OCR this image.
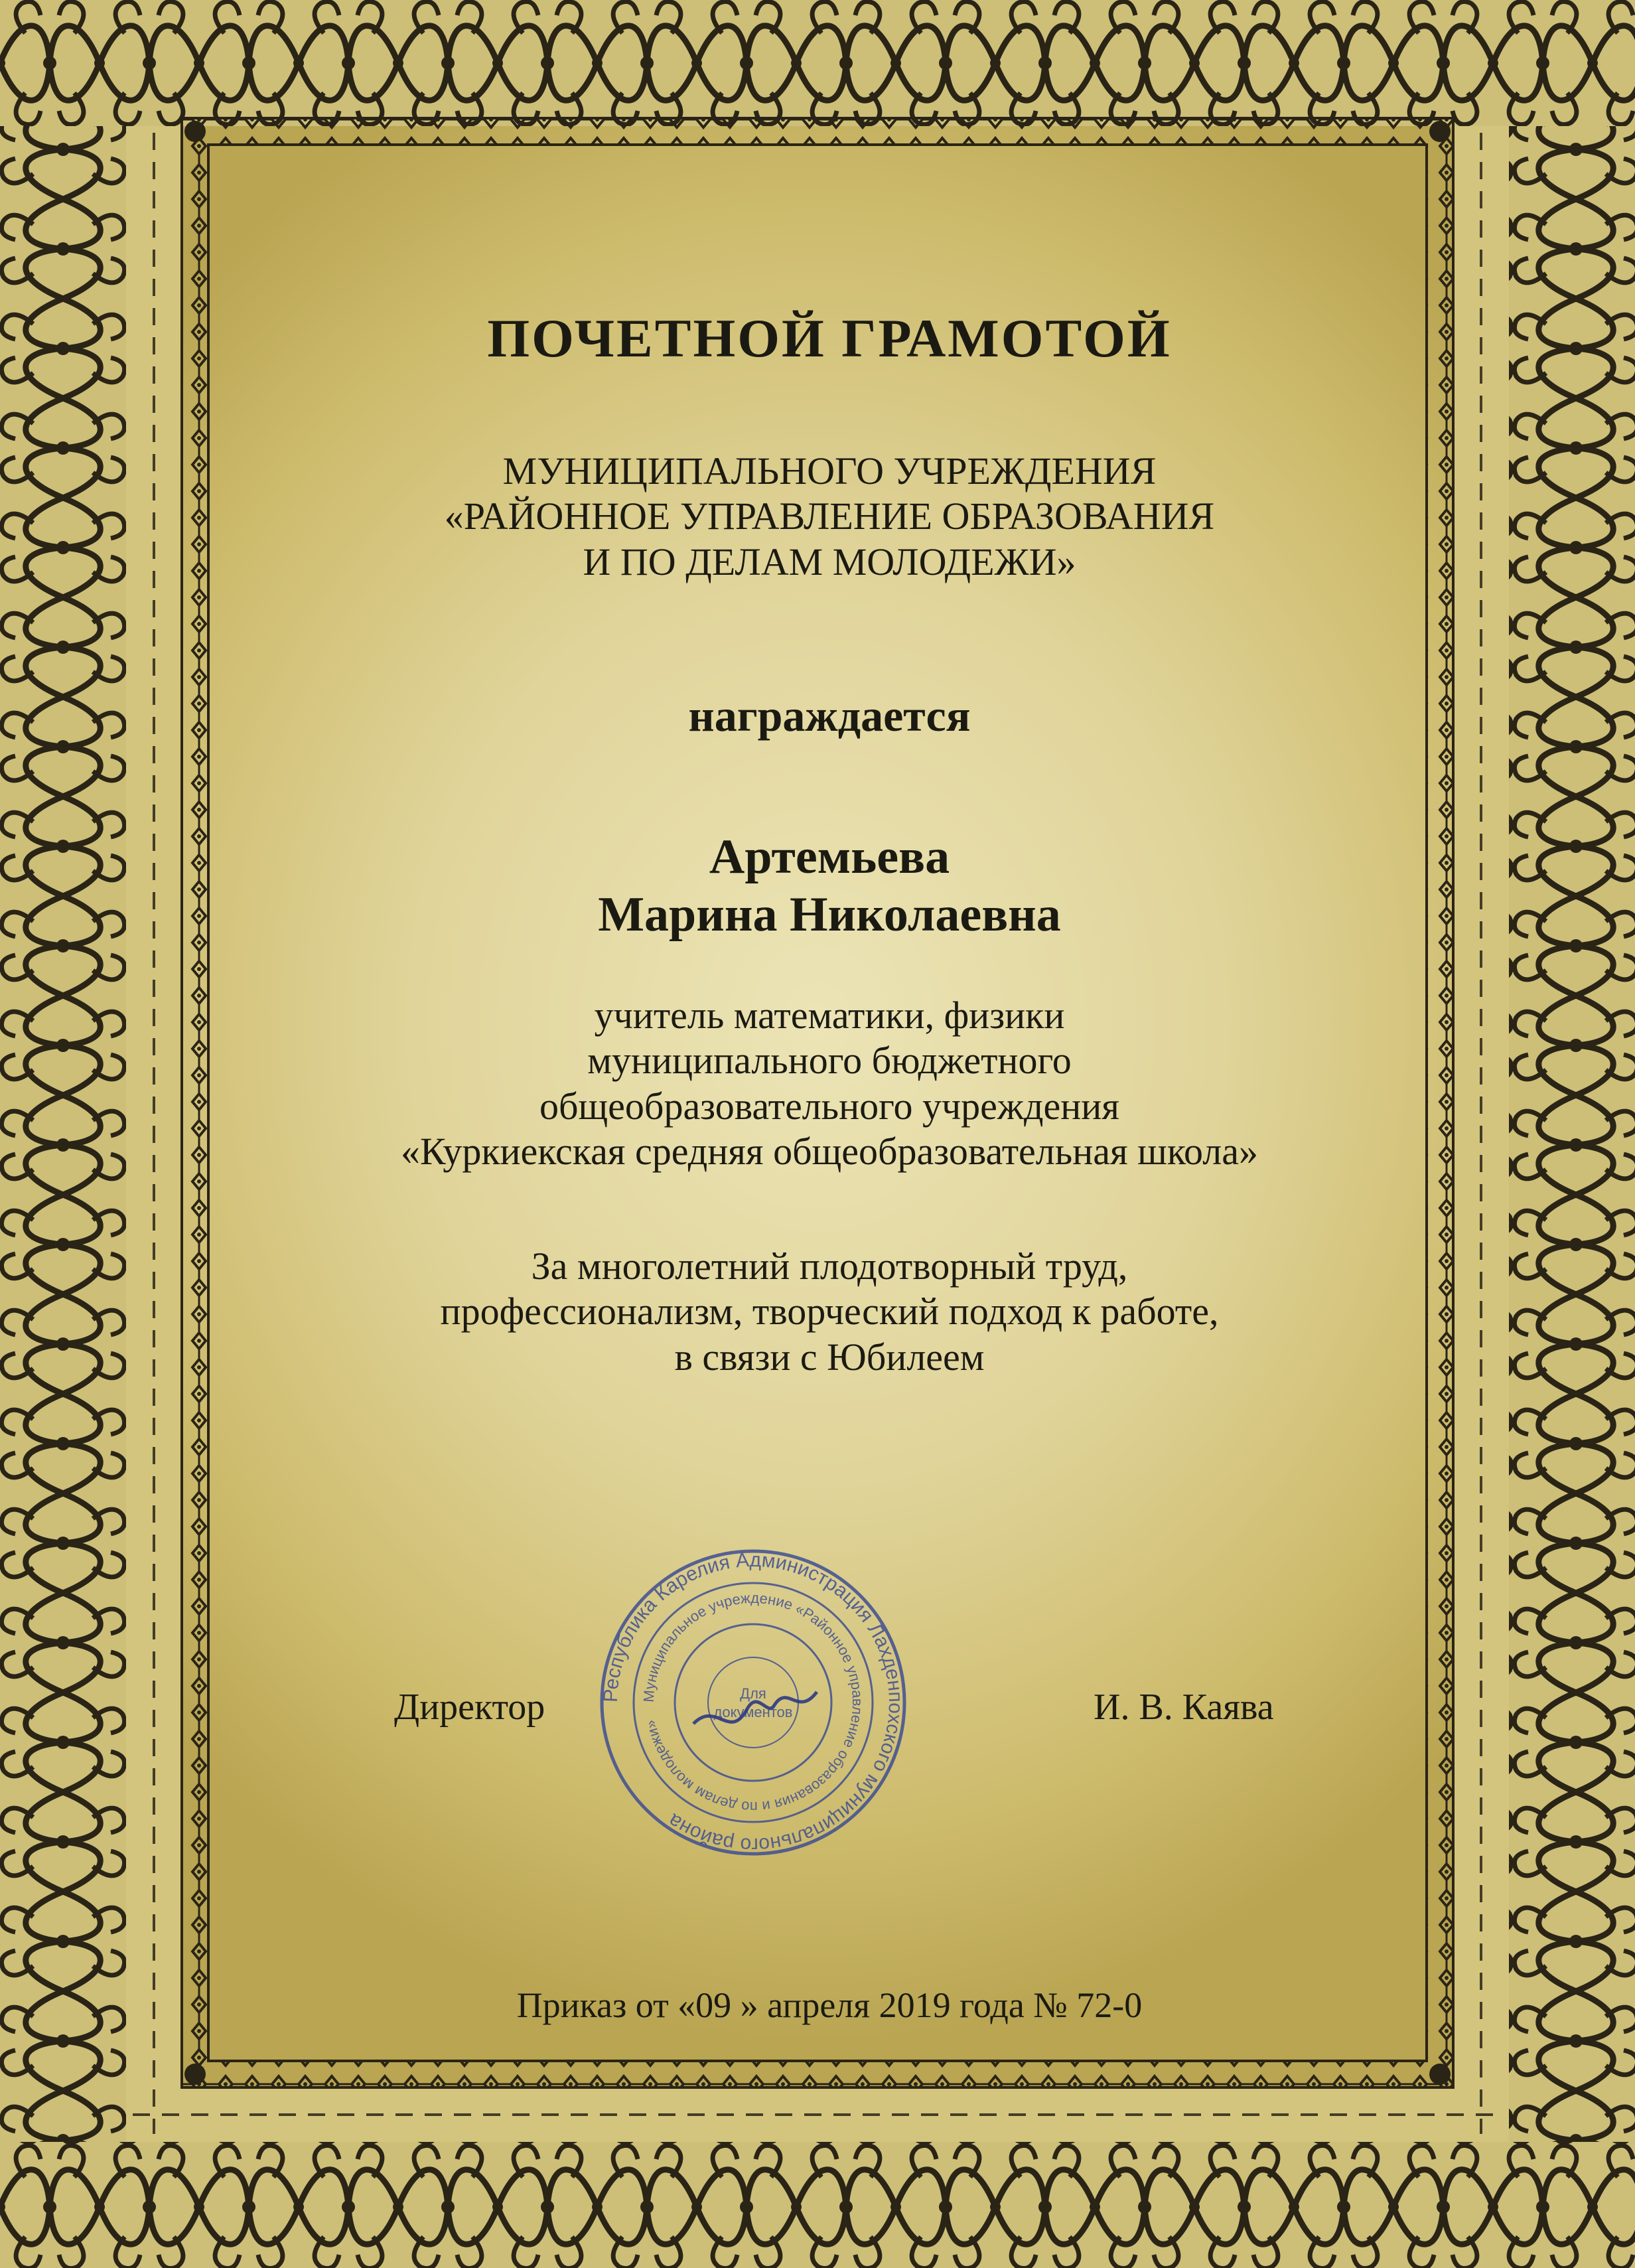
ПОЧЕТНОЙ ГРАМОТОЙ
МУНИЦИПАЛЬНОГО УЧРЕЖДЕНИЯ
«РАЙОННОЕ УПРАВЛЕНИЕ ОБРАЗОВАНИЯ
И ПО ДЕЛАМ МОЛОДЕЖИ»
награждается
Артемьева
Марина Николаевна
учитель математики, физики
муниципального бюджетного
общеобразовательного учреждения
«Куркиекская средняя общеобразовательная школа»
За многолетний плодотворный труд,
профессионализм, творческий подход к работе,
в связи с Юбилеем
Республика Карелия Администрация Лахденпохского муниципального района
Муниципальное учреждение «Районное управление образования и по делам молодежи»
Для
документов
Директор	И. В. Каява
Приказ от «09 » апреля 2019 года № 72-0
